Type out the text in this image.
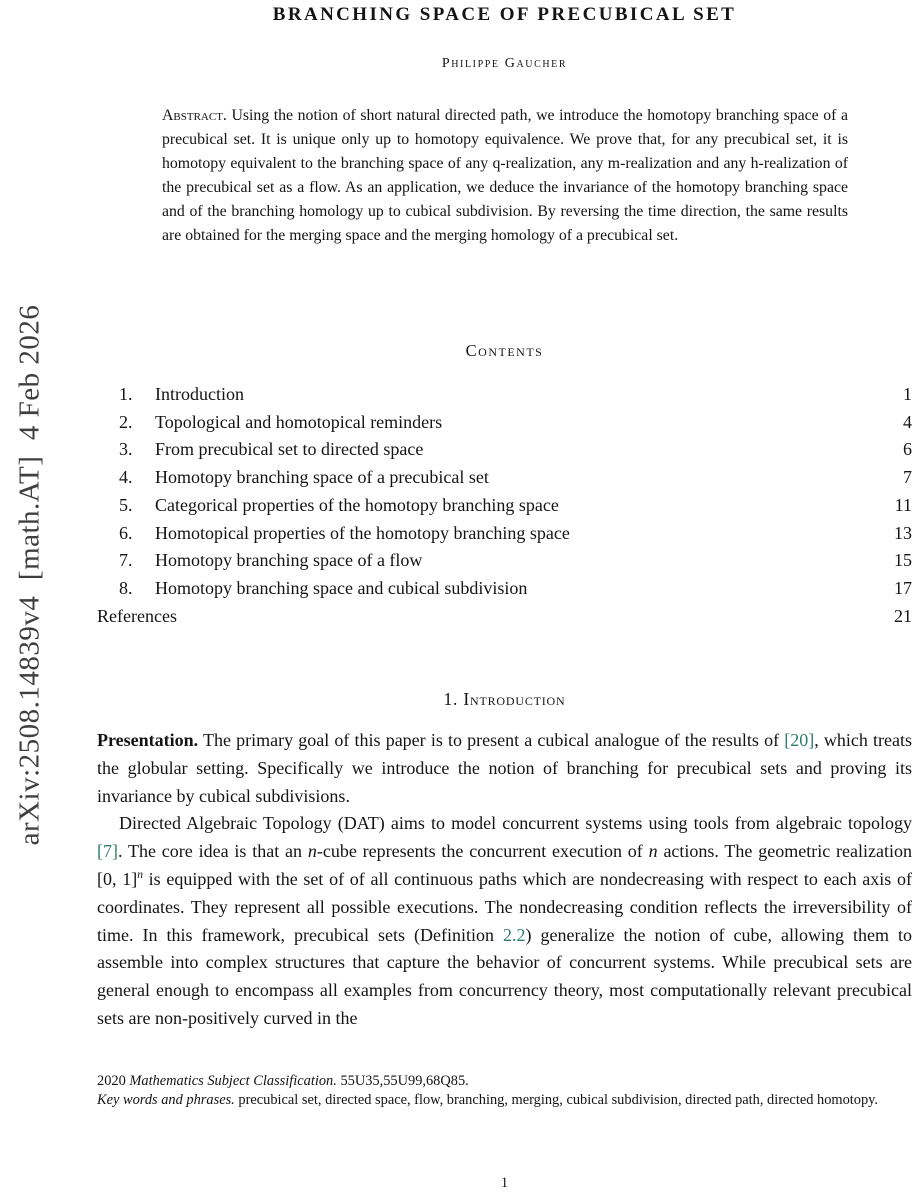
arXiv:2508.14839v4  [math.AT]  4 Feb 2026
BRANCHING SPACE OF PRECUBICAL SET
Philippe Gaucher

Abstract. Using the notion of short natural directed path, we introduce the homotopy branching space of a precubical set. It is unique only up to homotopy equivalence. We prove that, for any precubical set, it is homotopy equivalent to the branching space of any q-realization, any m-realization and any h-realization of the precubical set as a flow. As an application, we deduce the invariance of the homotopy branching space and of the branching homology up to cubical subdivision. By reversing the time direction, the same results are obtained for the merging space and the merging homology of a precubical set.

Contents
1.	Introduction	1
2.	Topological and homotopical reminders	4
3.	From precubical set to directed space	6
4.	Homotopy branching space of a precubical set	7
5.	Categorical properties of the homotopy branching space	11
6.	Homotopical properties of the homotopy branching space	13
7.	Homotopy branching space of a flow	15
8.	Homotopy branching space and cubical subdivision	17
References	21
1. Introduction

Presentation. The primary goal of this paper is to present a cubical analogue of the results of [20], which treats the globular setting. Specifically we introduce the notion of branching for precubical sets and proving its invariance by cubical subdivisions.

Directed Algebraic Topology (DAT) aims to model concurrent systems using tools from algebraic topology [7]. The core idea is that an n-cube represents the concurrent execution of n actions. The geometric realization [0, 1]$^n$ is equipped with the set of of all continuous paths which are nondecreasing with respect to each axis of coordinates. They represent all possible executions. The nondecreasing condition reflects the irreversibility of time. In this framework, precubical sets (Definition 2.2) generalize the notion of cube, allowing them to assemble into complex structures that capture the behavior of concurrent systems. While precubical sets are general enough to encompass all examples from concurrency theory, most computationally relevant precubical sets are non-positively curved in the

2020 Mathematics Subject Classification. 55U35,55U99,68Q85.

Key words and phrases. precubical set, directed space, flow, branching, merging, cubical subdivision, directed path, directed homotopy.

1
